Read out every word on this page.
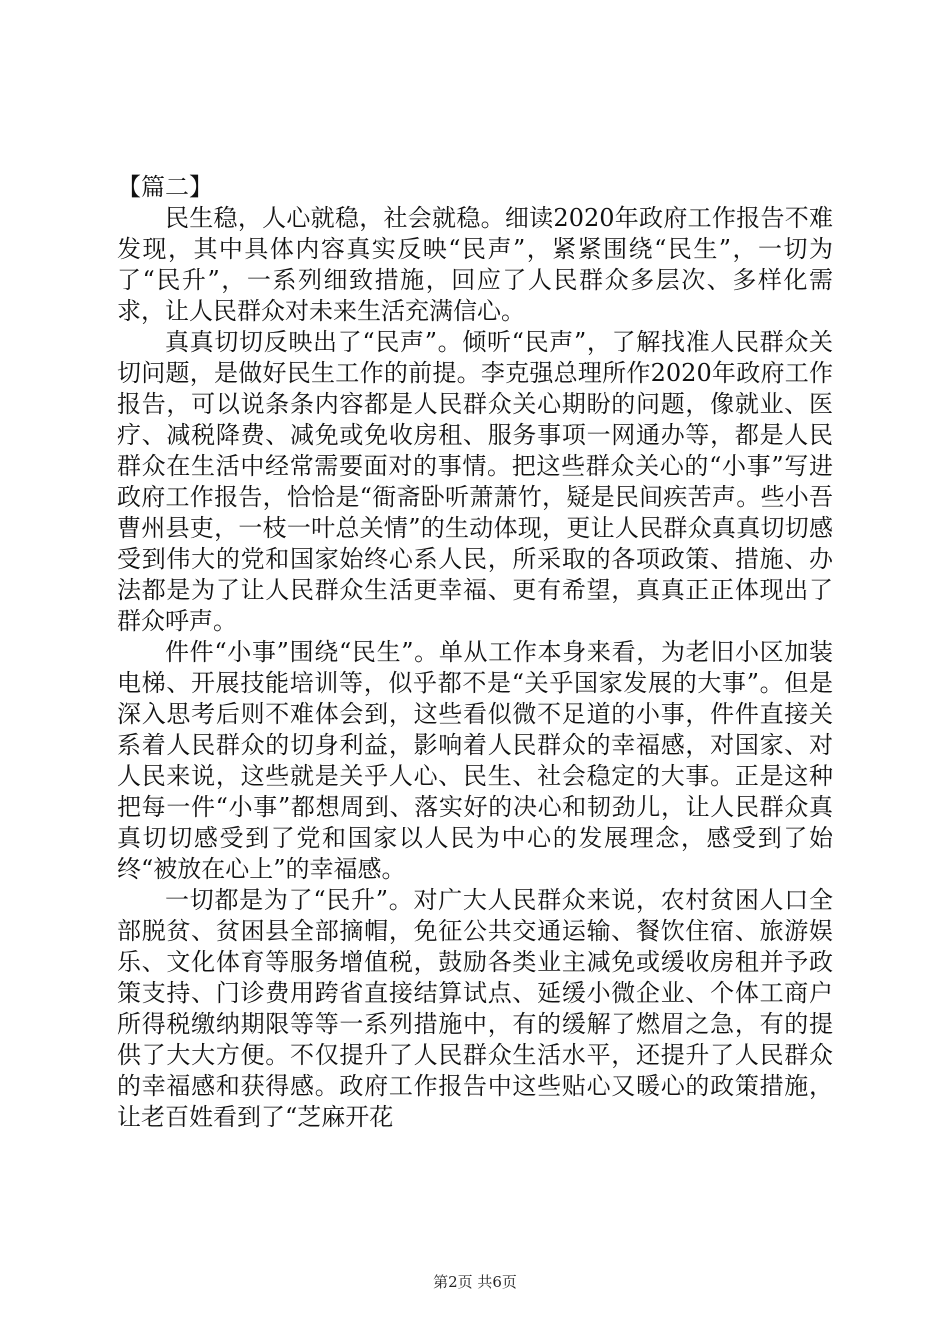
【篇二】

民生稳，人心就稳，社会就稳。细读2020年政府工作报告不难发现，其中具体内容真实反映“民声”，紧紧围绕“民生”，一切为了“民升”，一系列细致措施，回应了人民群众多层次、多样化需求，让人民群众对未来生活充满信心。

真真切切反映出了“民声”。倾听“民声”，了解找准人民群众关切问题，是做好民生工作的前提。李克强总理所作2020年政府工作报告，可以说条条内容都是人民群众关心期盼的问题，像就业、医疗、减税降费、减免或免收房租、服务事项一网通办等，都是人民群众在生活中经常需要面对的事情。把这些群众关心的“小事”写进政府工作报告，恰恰是“衙斋卧听萧萧竹，疑是民间疾苦声。些小吾曹州县吏，一枝一叶总关情”的生动体现，更让人民群众真真切切感受到伟大的党和国家始终心系人民，所采取的各项政策、措施、办法都是为了让人民群众生活更幸福、更有希望，真真正正体现出了群众呼声。

件件“小事”围绕“民生”。单从工作本身来看，为老旧小区加装电梯、开展技能培训等，似乎都不是“关乎国家发展的大事”。但是深入思考后则不难体会到，这些看似微不足道的小事，件件直接关系着人民群众的切身利益，影响着人民群众的幸福感，对国家、对人民来说，这些就是关乎人心、民生、社会稳定的大事。正是这种把每一件“小事”都想周到、落实好的决心和韧劲儿，让人民群众真真切切感受到了党和国家以人民为中心的发展理念，感受到了始终“被放在心上”的幸福感。

一切都是为了“民升”。对广大人民群众来说，农村贫困人口全部脱贫、贫困县全部摘帽，免征公共交通运输、餐饮住宿、旅游娱乐、文化体育等服务增值税，鼓励各类业主减免或缓收房租并予政策支持、门诊费用跨省直接结算试点、延缓小微企业、个体工商户所得税缴纳期限等等一系列措施中，有的缓解了燃眉之急，有的提供了大大方便。不仅提升了人民群众生活水平，还提升了人民群众的幸福感和获得感。政府工作报告中这些贴心又暖心的政策措施，让老百姓看到了“芝麻开花

第2页 共6页
